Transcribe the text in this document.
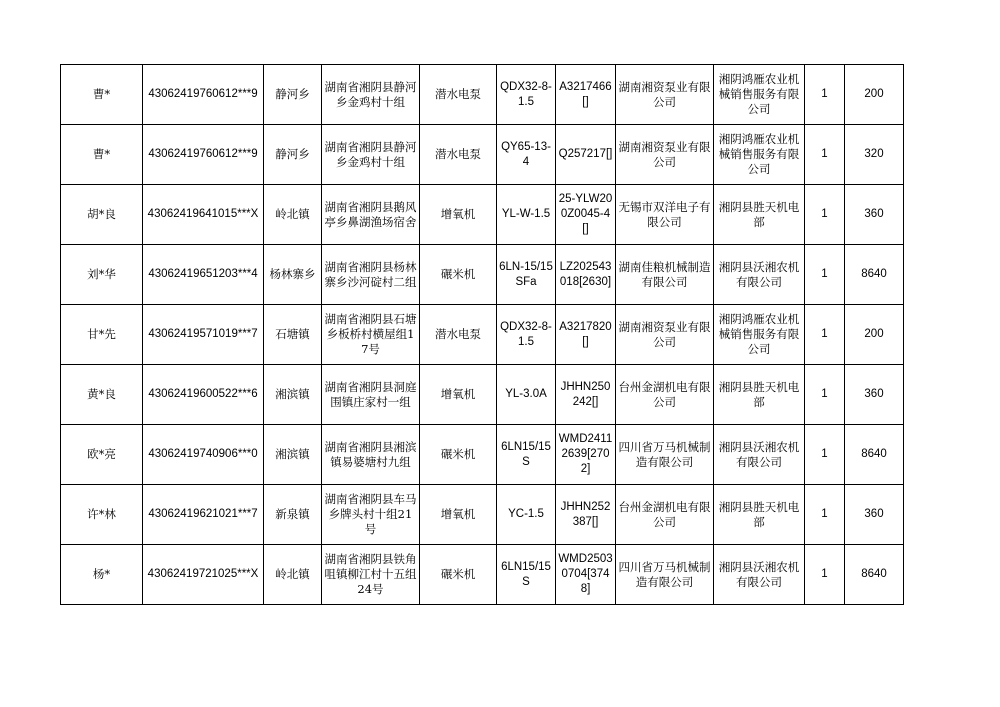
曹*	43062419760612***9	静河乡	湖南省湘阴县静河乡金鸡村十组	潜水电泵	QDX32-8-1.5	A3217466[]	湖南湘资泵业有限公司	湘阴鸿雁农业机械销售服务有限公司	1	200
曹*	43062419760612***9	静河乡	湖南省湘阴县静河乡金鸡村十组	潜水电泵	QY65-13-4	Q257217[]	湖南湘资泵业有限公司	湘阴鸿雁农业机械销售服务有限公司	1	320
胡*良	43062419641015***X	岭北镇	湖南省湘阴县鹅风亭乡鼻湖渔场宿舍	增氧机	YL-W-1.5	25-YLW200Z0045-4[]	无锡市双洋电子有限公司	湘阴县胜天机电部	1	360
刘*华	43062419651203***4	杨林寨乡	湖南省湘阴县杨林寨乡沙河碇村二组	碾米机	6LN-15/15SFa	LZ202543018[2630]	湖南佳粮机械制造有限公司	湘阴县沃湘农机有限公司	1	8640
甘*先	43062419571019***7	石塘镇	湖南省湘阴县石塘乡板桥村横屋组17号	潜水电泵	QDX32-8-1.5	A3217820[]	湖南湘资泵业有限公司	湘阴鸿雁农业机械销售服务有限公司	1	200
黄*良	43062419600522***6	湘滨镇	湖南省湘阴县洞庭围镇庄家村一组	增氧机	YL-3.0A	JHHN250242[]	台州金湖机电有限公司	湘阴县胜天机电部	1	360
欧*亮	43062419740906***0	湘滨镇	湖南省湘阴县湘滨镇易婆塘村九组	碾米机	6LN15/15S	WMD24112639[2702]	四川省万马机械制造有限公司	湘阴县沃湘农机有限公司	1	8640
许*林	43062419621021***7	新泉镇	湖南省湘阴县车马乡牌头村十组21号	增氧机	YC-1.5	JHHN252387[]	台州金湖机电有限公司	湘阴县胜天机电部	1	360
杨*	43062419721025***X	岭北镇	湖南省湘阴县铁角咀镇柳江村十五组24号	碾米机	6LN15/15S	WMD25030704[3748]	四川省万马机械制造有限公司	湘阴县沃湘农机有限公司	1	8640
